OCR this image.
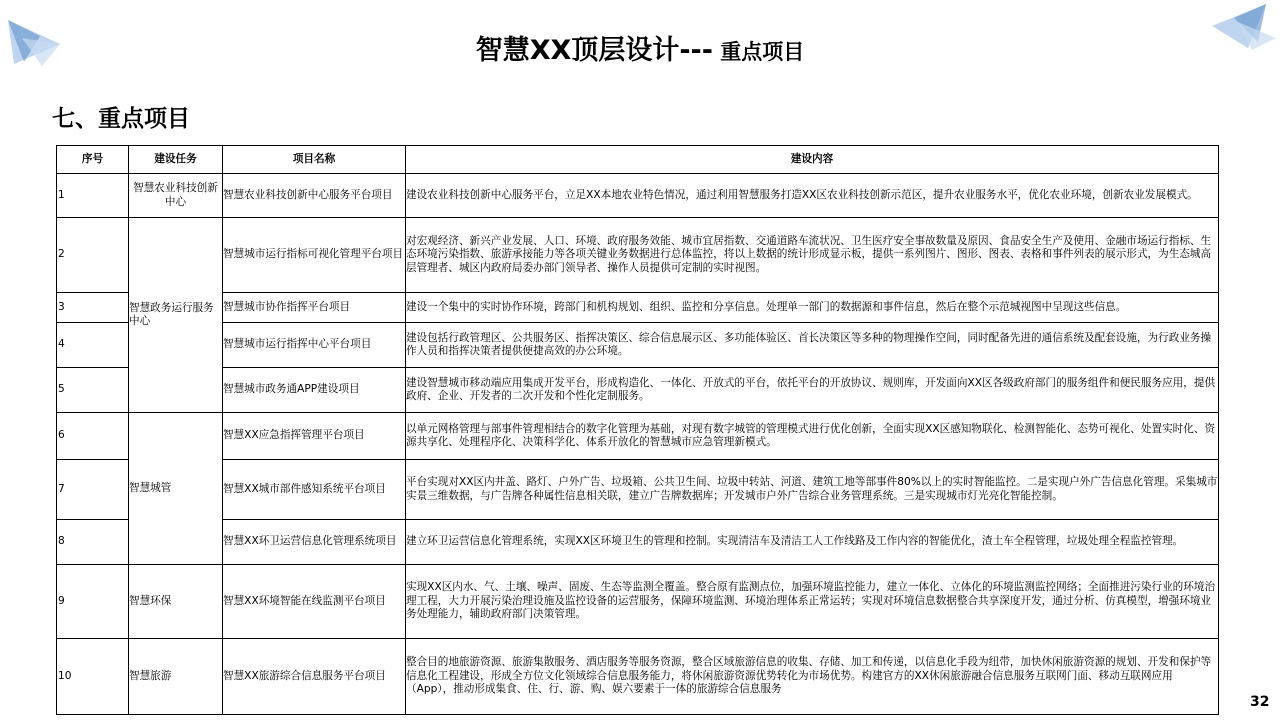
智慧XX顶层设计--- 重点项目
七、重点项目
序号	建设任务	项目名称	建设内容
1	智慧农业科技创新中心	智慧农业科技创新中心服务平台项目	建设农业科技创新中心服务平台，立足XX本地农业特色情况，通过利用智慧服务打造XX区农业科技创新示范区，提升农业服务水平，优化农业环境，创新农业发展模式。
2	智慧政务运行服务中心	智慧城市运行指标可视化管理平台项目	对宏观经济、新兴产业发展、人口、环境、政府服务效能、城市宜居指数、交通道路车流状况、卫生医疗安全事故数量及原因、食品安全生产及使用、金融市场运行指标、生态环境污染指数、旅游承接能力等各项关键业务数据进行总体监控，将以上数据的统计形成显示板，提供一系列图片、图形、图表、表格和事件列表的展示形式，为生态城高层管理者、城区内政府局委办部门领导者、操作人员提供可定制的实时视图。
3		智慧城市协作指挥平台项目	建设一个集中的实时协作环境，跨部门和机构规划、组织、监控和分享信息。处理单一部门的数据源和事件信息，然后在整个示范城视图中呈现这些信息。
4		智慧城市运行指挥中心平台项目	建设包括行政管理区、公共服务区、指挥决策区、综合信息展示区、多功能体验区、首长决策区等多种的物理操作空间，同时配备先进的通信系统及配套设施，为行政业务操作人员和指挥决策者提供便捷高效的办公环境。
5		智慧城市政务通APP建设项目	建设智慧城市移动端应用集成开发平台，形成构造化、一体化、开放式的平台，依托平台的开放协议、规则库，开发面向XX区各级政府部门的服务组件和便民服务应用，提供政府、企业、开发者的二次开发和个性化定制服务。
6	智慧城管	智慧XX应急指挥管理平台项目	以单元网格管理与部事件管理相结合的数字化管理为基础，对现有数字城管的管理模式进行优化创新，全面实现XX区感知物联化、检测智能化、态势可视化、处置实时化、资源共享化、处理程序化、决策科学化、体系开放化的智慧城市应急管理新模式。
7		智慧XX城市部件感知系统平台项目	平台实现对XX区内井盖、路灯、户外广告、垃圾箱、公共卫生间、垃圾中转站、河道、建筑工地等部事件80%以上的实时智能监控。二是实现户外广告信息化管理。采集城市实景三维数据，与广告牌各种属性信息相关联，建立广告牌数据库；开发城市户外广告综合业务管理系统。三是实现城市灯光亮化智能控制。
8		智慧XX环卫运营信息化管理系统项目	建立环卫运营信息化管理系统，实现XX区环境卫生的管理和控制。实现清洁车及清洁工人工作线路及工作内容的智能优化，渣土车全程管理，垃圾处理全程监控管理。
9	智慧环保	智慧XX环境智能在线监测平台项目	实现XX区内水、气、土壤、噪声、固废、生态等监测全覆盖。整合原有监测点位，加强环境监控能力，建立一体化、立体化的环境监测监控网络；全面推进污染行业的环境治理工程，大力开展污染治理设施及监控设备的运营服务，保障环境监测、环境治理体系正常运转；实现对环境信息数据整合共享深度开发，通过分析、仿真模型，增强环境业务处理能力，辅助政府部门决策管理。
10	智慧旅游	智慧XX旅游综合信息服务平台项目	整合目的地旅游资源、旅游集散服务、酒店服务等服务资源，整合区域旅游信息的收集、存储、加工和传递，以信息化手段为纽带，加快休闲旅游资源的规划、开发和保护等信息化工程建设，形成全方位文化领域综合信息服务能力，将休闲旅游资源优势转化为市场优势。构建官方的XX休闲旅游融合信息服务互联网门面、移动互联网应用（App），推动形成集食、住、行、游、购、娱六要素于一体的旅游综合信息服务
32
